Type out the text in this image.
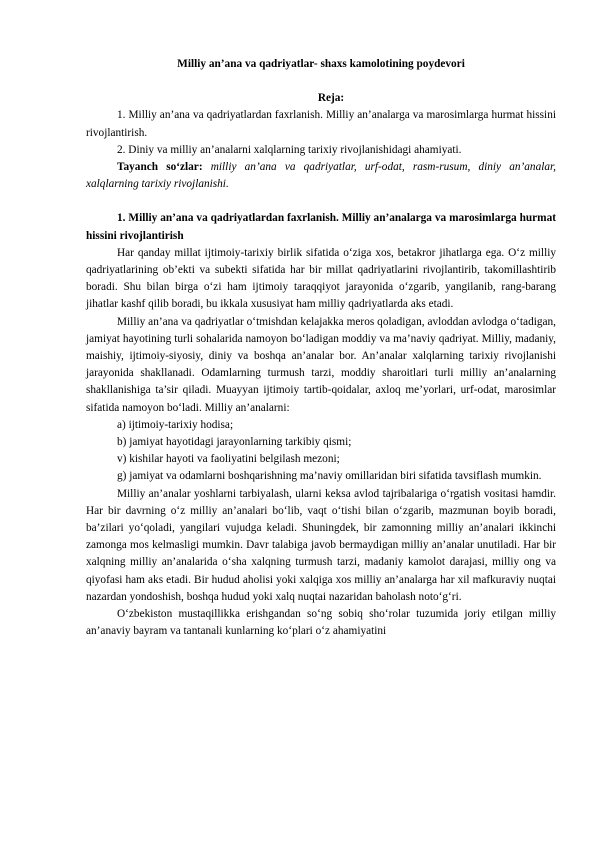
Milliy an’ana va qadriyatlar- shaxs kamolotining poydevori
Reja:

1. Milliy an’ana va qadriyatlardan faxrlanish. Milliy an’analarga va marosimlarga hurmat hissini rivojlantirish.

2. Diniy va milliy an’analarni xalqlarning tarixiy rivojlanishidagi ahamiyati.

Tayanch so‘zlar: milliy an’ana va qadriyatlar, urf-odat, rasm-rusum, diniy an’analar, xalqlarning tarixiy rivojlanishi.

1. Milliy an’ana va qadriyatlardan faxrlanish. Milliy an’analarga va marosimlarga hurmat hissini rivojlantirish

Har qanday millat ijtimoiy-tarixiy birlik sifatida o‘ziga xos, betakror jihatlarga ega. O‘z milliy qadriyatlarining ob’ekti va subekti sifatida har bir millat qadriyatlarini rivojlantirib, takomillashtirib boradi. Shu bilan birga o‘zi ham ijtimoiy taraqqiyot jarayonida o‘zgarib, yangilanib, rang-barang jihatlar kashf qilib boradi, bu ikkala xususiyat ham milliy qadriyatlarda aks etadi.

Milliy an’ana va qadriyatlar o‘tmishdan kelajakka meros qoladigan, avloddan avlodga o‘tadigan, jamiyat hayotining turli sohalarida namoyon bo‘ladigan moddiy va ma’naviy qadriyat. Milliy, madaniy, maishiy, ijtimoiy-siyosiy, diniy va boshqa an’analar bor. An’analar xalqlarning tarixiy rivojlanishi jarayonida shakllanadi. Odamlarning turmush tarzi, moddiy sharoitlari turli milliy an’analarning shakllanishiga ta’sir qiladi. Muayyan ijtimoiy tartib-qoidalar, axloq me’yorlari, urf-odat, marosimlar sifatida namoyon bo‘ladi. Milliy an’analarni:

a) ijtimoiy-tarixiy hodisa;

b) jamiyat hayotidagi jarayonlarning tarkibiy qismi;

v) kishilar hayoti va faoliyatini belgilash mezoni;

g) jamiyat va odamlarni boshqarishning ma’naviy omillaridan biri sifatida tavsiflash mumkin.

Milliy an’analar yoshlarni tarbiyalash, ularni keksa avlod tajribalariga o‘rgatish vositasi hamdir. Har bir davrning o‘z milliy an’analari bo‘lib, vaqt o‘tishi bilan o‘zgarib, mazmunan boyib boradi, ba’zilari yo‘qoladi, yangilari vujudga keladi. Shuningdek, bir zamonning milliy an’analari ikkinchi zamonga mos kelmasligi mumkin. Davr talabiga javob bermaydigan milliy an’analar unutiladi. Har bir xalqning milliy an’analarida o‘sha xalqning turmush tarzi, madaniy kamolot darajasi, milliy ong va qiyofasi ham aks etadi. Bir hudud aholisi yoki xalqiga xos milliy an’analarga har xil mafkuraviy nuqtai nazardan yondoshish, boshqa hudud yoki xalq nuqtai nazaridan baholash noto‘g‘ri.

O‘zbekiston mustaqillikka erishgandan so‘ng sobiq sho‘rolar tuzumida joriy etilgan milliy an’anaviy bayram va tantanali kunlarning ko‘plari o‘z ahamiyatini
